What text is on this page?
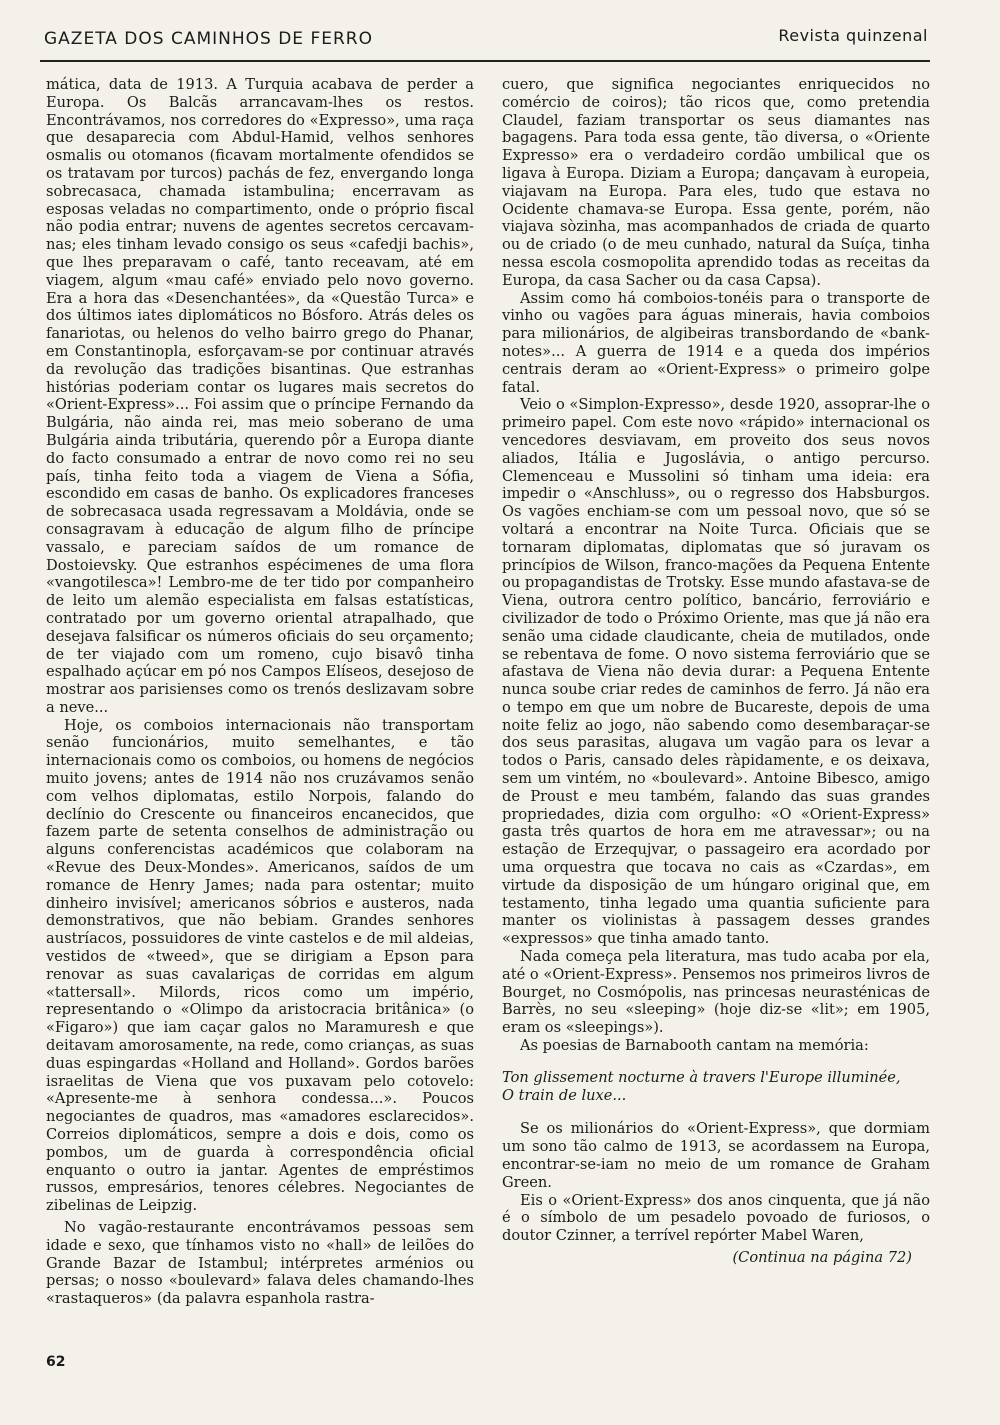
GAZETA DOS CAMINHOS DE FERRO	Revista quinzenal

mática, data de 1913. A Turquia acabava de perder a Europa. Os Balcãs arrancavam-lhes os restos. Encontrávamos, nos corredores do «Expresso», uma raça que desaparecia com Abdul-Hamid, velhos senhores osmalis ou otomanos (ficavam mortalmente ofendidos se os tratavam por turcos) pachás de fez, envergando longa sobrecasaca, chamada istambulina; encerravam as esposas veladas no compartimento, onde o próprio fiscal não podia entrar; nuvens de agentes secretos cercavam-nas; eles tinham levado consigo os seus «cafedji bachis», que lhes preparavam o café, tanto receavam, até em viagem, algum «mau café» enviado pelo novo governo. Era a hora das «Desenchantées», da «Questão Turca» e dos últimos iates diplomáticos no Bósforo. Atrás deles os fanariotas, ou helenos do velho bairro grego do Phanar, em Constantinopla, esforçavam-se por continuar através da revolução das tradições bisantinas. Que estranhas histórias poderiam contar os lugares mais secretos do «Orient-Express»... Foi assim que o príncipe Fernando da Bulgária, não ainda rei, mas meio soberano de uma Bulgária ainda tributária, querendo pôr a Europa diante do facto consumado a entrar de novo como rei no seu país, tinha feito toda a viagem de Viena a Sófia, escondido em casas de banho. Os explicadores franceses de sobrecasaca usada regressavam a Moldávia, onde se consagravam à educação de algum filho de príncipe vassalo, e pareciam saídos de um romance de Dostoievsky. Que estranhos espécimenes de uma flora «vangotilesca»! Lembro-me de ter tido por companheiro de leito um alemão especialista em falsas estatísticas, contratado por um governo oriental atrapalhado, que desejava falsificar os números oficiais do seu orçamento; de ter viajado com um romeno, cujo bisavô tinha espalhado açúcar em pó nos Campos Elíseos, desejoso de mostrar aos parisienses como os trenós deslizavam sobre a neve...

Hoje, os comboios internacionais não transportam senão funcionários, muito semelhantes, e tão internacionais como os comboios, ou homens de negócios muito jovens; antes de 1914 não nos cruzávamos senão com velhos diplomatas, estilo Norpois, falando do declínio do Crescente ou financeiros encanecidos, que fazem parte de setenta conselhos de administração ou alguns conferencistas académicos que colaboram na «Revue des Deux-Mondes». Americanos, saídos de um romance de Henry James; nada para ostentar; muito dinheiro invisível; americanos sóbrios e austeros, nada demonstrativos, que não bebiam. Grandes senhores austríacos, possuidores de vinte castelos e de mil aldeias, vestidos de «tweed», que se dirigiam a Epson para renovar as suas cavalariças de corridas em algum «tattersall». Milords, ricos como um império, representando o «Olimpo da aristocracia britânica» (o «Figaro») que iam caçar galos no Maramuresh e que deitavam amorosamente, na rede, como crianças, as suas duas espingardas «Holland and Holland». Gordos barões israelitas de Viena que vos puxavam pelo cotovelo: «Apresente-me à senhora condessa...». Poucos negociantes de quadros, mas «amadores esclarecidos». Correios diplomáticos, sempre a dois e dois, como os pombos, um de guarda à correspondência oficial enquanto o outro ia jantar. Agentes de empréstimos russos, empresários, tenores célebres. Negociantes de zibelinas de Leipzig.

No vagão-restaurante encontrávamos pessoas sem idade e sexo, que tínhamos visto no «hall» de leilões do Grande Bazar de Istambul; intérpretes arménios ou persas; o nosso «boulevard» falava deles chamando-lhes «rastaqueros» (da palavra espanhola rastra-

cuero, que significa negociantes enriquecidos no comércio de coiros); tão ricos que, como pretendia Claudel, faziam transportar os seus diamantes nas bagagens. Para toda essa gente, tão diversa, o «Oriente Expresso» era o verdadeiro cordão umbilical que os ligava à Europa. Diziam a Europa; dançavam à europeia, viajavam na Europa. Para eles, tudo que estava no Ocidente chamava-se Europa. Essa gente, porém, não viajava sòzinha, mas acompanhados de criada de quarto ou de criado (o de meu cunhado, natural da Suíça, tinha nessa escola cosmopolita aprendido todas as receitas da Europa, da casa Sacher ou da casa Capsa).

Assim como há comboios-tonéis para o transporte de vinho ou vagões para águas minerais, havia comboios para milionários, de algibeiras transbordando de «bank-notes»... A guerra de 1914 e a queda dos impérios centrais deram ao «Orient-Express» o primeiro golpe fatal.

Veio o «Simplon-Expresso», desde 1920, assoprar-lhe o primeiro papel. Com este novo «rápido» internacional os vencedores desviavam, em proveito dos seus novos aliados, Itália e Jugoslávia, o antigo percurso. Clemenceau e Mussolini só tinham uma ideia: era impedir o «Anschluss», ou o regresso dos Habsburgos. Os vagões enchiam-se com um pessoal novo, que só se voltará a encontrar na Noite Turca. Oficiais que se tornaram diplomatas, diplomatas que só juravam os princípios de Wilson, franco-mações da Pequena Entente ou propagandistas de Trotsky. Esse mundo afastava-se de Viena, outrora centro político, bancário, ferroviário e civilizador de todo o Próximo Oriente, mas que já não era senão uma cidade claudicante, cheia de mutilados, onde se rebentava de fome. O novo sistema ferroviário que se afastava de Viena não devia durar: a Pequena Entente nunca soube criar redes de caminhos de ferro. Já não era o tempo em que um nobre de Bucareste, depois de uma noite feliz ao jogo, não sabendo como desembaraçar-se dos seus parasitas, alugava um vagão para os levar a todos o Paris, cansado deles ràpidamente, e os deixava, sem um vintém, no «boulevard». Antoine Bibesco, amigo de Proust e meu também, falando das suas grandes propriedades, dizia com orgulho: «O «Orient-Express» gasta três quartos de hora em me atravessar»; ou na estação de Erzequjvar, o passageiro era acordado por uma orquestra que tocava no cais as «Czardas», em virtude da disposição de um húngaro original que, em testamento, tinha legado uma quantia suficiente para manter os violinistas à passagem desses grandes «expressos» que tinha amado tanto.

Nada começa pela literatura, mas tudo acaba por ela, até o «Orient-Express». Pensemos nos primeiros livros de Bourget, no Cosmópolis, nas princesas neurasténicas de Barrès, no seu «sleeping» (hoje diz-se «lit»; em 1905, eram os «sleepings»).

As poesias de Barnabooth cantam na memória:

Ton glissement nocturne à travers l'Europe illuminée,
O train de luxe...

Se os milionários do «Orient-Express», que dormiam um sono tão calmo de 1913, se acordassem na Europa, encontrar-se-iam no meio de um romance de Graham Green.

Eis o «Orient-Express» dos anos cinquenta, que já não é o símbolo de um pesadelo povoado de furiosos, o doutor Czinner, a terrível repórter Mabel Waren,

(Continua na página 72)

62
